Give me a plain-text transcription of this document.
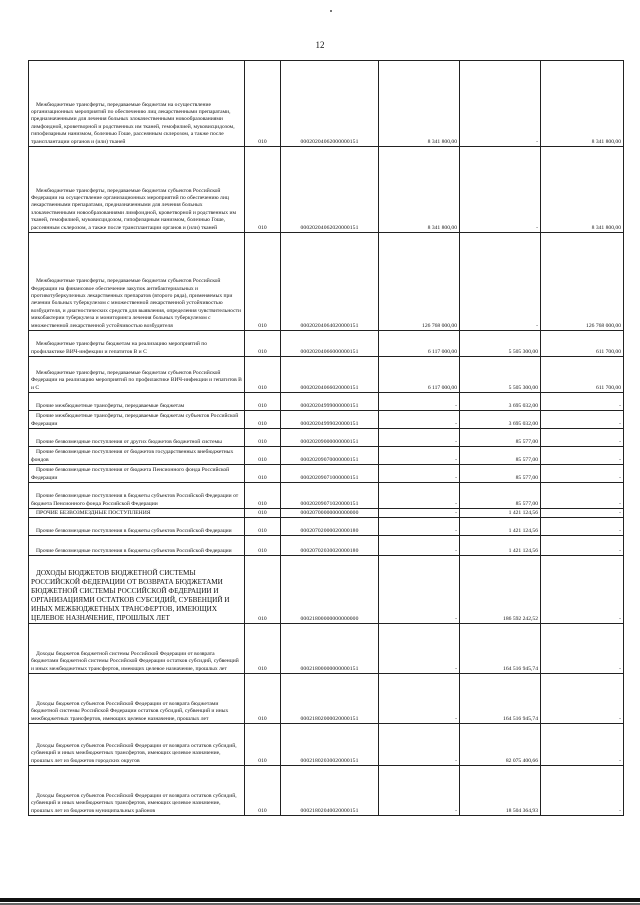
12
Межбюджетные трансферты, передаваемые бюджетам на осуществление организационных мероприятий по обеспечению лиц лекарственными препаратами, предназначенными для лечения больных злокачественными новообразованиями лимфоидной, кроветворной и родственных им тканей, гемофилией, муковисцидозом, гипофизарным нанизмом, болезнью Гоше, рассеянным склерозом, а также после трансплантации органов и (или) тканей	010	00020204062000000151	8 341 800,00	-	8 341 800,00

Межбюджетные трансферты, передаваемые бюджетам субъектов Российской Федерации на осуществление организационных мероприятий по обеспечению лиц лекарственными препаратами, предназначенными для лечения больных злокачественными новообразованиями лимфоидной, кроветворной и родственных им тканей, гемофилией, муковисцидозом, гипофизарным нанизмом, болезнью Гоше, рассеянным склерозом, а также после трансплантации органов и (или) тканей	010	00020204062020000151	8 341 800,00	-	8 341 800,00

Межбюджетные трансферты, передаваемые бюджетам субъектов Российской Федерации на финансовое обеспечение закупок антибактериальных и противотуберкулезных лекарственных препаратов (второго ряда), применяемых при лечении больных туберкулезом с множественной лекарственной устойчивостью возбудителя, и диагностических средств для выявления, определения чувствительности микобактерии туберкулеза и мониторинга лечения больных туберкулезом с множественной лекарственной устойчивостью возбудителя	010	00020204064020000151	126 768 000,00	-	126 768 000,00

Межбюджетные трансферты бюджетам на реализацию мероприятий по профилактике ВИЧ-инфекции и гепатитов B и C	010	00020204066000000151	6 117 000,00	5 505 300,00	611 700,00

Межбюджетные трансферты, передаваемые бюджетам субъектов Российской Федерации на реализацию мероприятий по профилактике ВИЧ-инфекции и гепатитов B и C	010	00020204066020000151	6 117 000,00	5 505 300,00	611 700,00

Прочие межбюджетные трансферты, передаваемые бюджетам	010	00020204999000000151	-	3 695 032,00	-

Прочие межбюджетные трансферты, передаваемые бюджетам субъектов Российской Федерации	010	00020204999020000151	-	3 695 032,00	-

Прочие безвозмездные поступления от других бюджетов бюджетной системы	010	00020209000000000151	-	85 577,00	-

Прочие безвозмездные поступления от бюджетов государственных внебюджетных фондов	010	00020209070000000151	-	85 577,00	-

Прочие безвозмездные поступления от бюджета Пенсионного фонда Российской Федерации	010	00020209071000000151	-	85 577,00	-

Прочие безвозмездные поступления в бюджеты субъектов Российской Федерации от бюджета Пенсионного фонда Российской Федерации	010	00020209071020000151	-	85 577,00	-

ПРОЧИЕ БЕЗВОЗМЕЗДНЫЕ ПОСТУПЛЕНИЯ	010	00020700000000000000	-	1 421 124,56	-

Прочие безвозмездные поступления в бюджеты субъектов Российской Федерации	010	00020702000020000180	-	1 421 124,56	-

Прочие безвозмездные поступления в бюджеты субъектов Российской Федерации	010	00020702030020000180	-	1 421 124,56	-

ДОХОДЫ БЮДЖЕТОВ БЮДЖЕТНОЙ СИСТЕМЫ РОССИЙСКОЙ ФЕДЕРАЦИИ ОТ ВОЗВРАТА БЮДЖЕТАМИ БЮДЖЕТНОЙ СИСТЕМЫ РОССИЙСКОЙ ФЕДЕРАЦИИ И ОРГАНИЗАЦИЯМИ ОСТАТКОВ СУБСИДИЙ, СУБВЕНЦИЙ И ИНЫХ МЕЖБЮДЖЕТНЫХ ТРАНСФЕРТОВ, ИМЕЮЩИХ ЦЕЛЕВОЕ НАЗНАЧЕНИЕ, ПРОШЛЫХ ЛЕТ	010	00021800000000000000	-	186 592 242,52	-

Доходы бюджетов бюджетной системы Российской Федерации от возврата бюджетами бюджетной системы Российской Федерации остатков субсидий, субвенций и иных межбюджетных трансфертов, имеющих целевое назначение, прошлых лет	010	00021800000000000151	-	164 516 945,74	-

Доходы бюджетов субъектов Российской Федерации от возврата бюджетами бюджетной системы Российской Федерации остатков субсидий, субвенций и иных межбюджетных трансфертов, имеющих целевое назначение, прошлых лет	010	00021802000020000151	-	164 516 945,74	-

Доходы бюджетов субъектов Российской Федерации от возврата остатков субсидий, субвенций и иных межбюджетных трансфертов, имеющих целевое назначение, прошлых лет из бюджетов городских округов	010	00021802030020000151	-	82 075 400,66	-

Доходы бюджетов субъектов Российской Федерации от возврата остатков субсидий, субвенций и иных межбюджетных трансфертов, имеющих целевое назначение, прошлых лет из бюджетов муниципальных районов	010	00021802040020000151	-	18 504 364,93	-
